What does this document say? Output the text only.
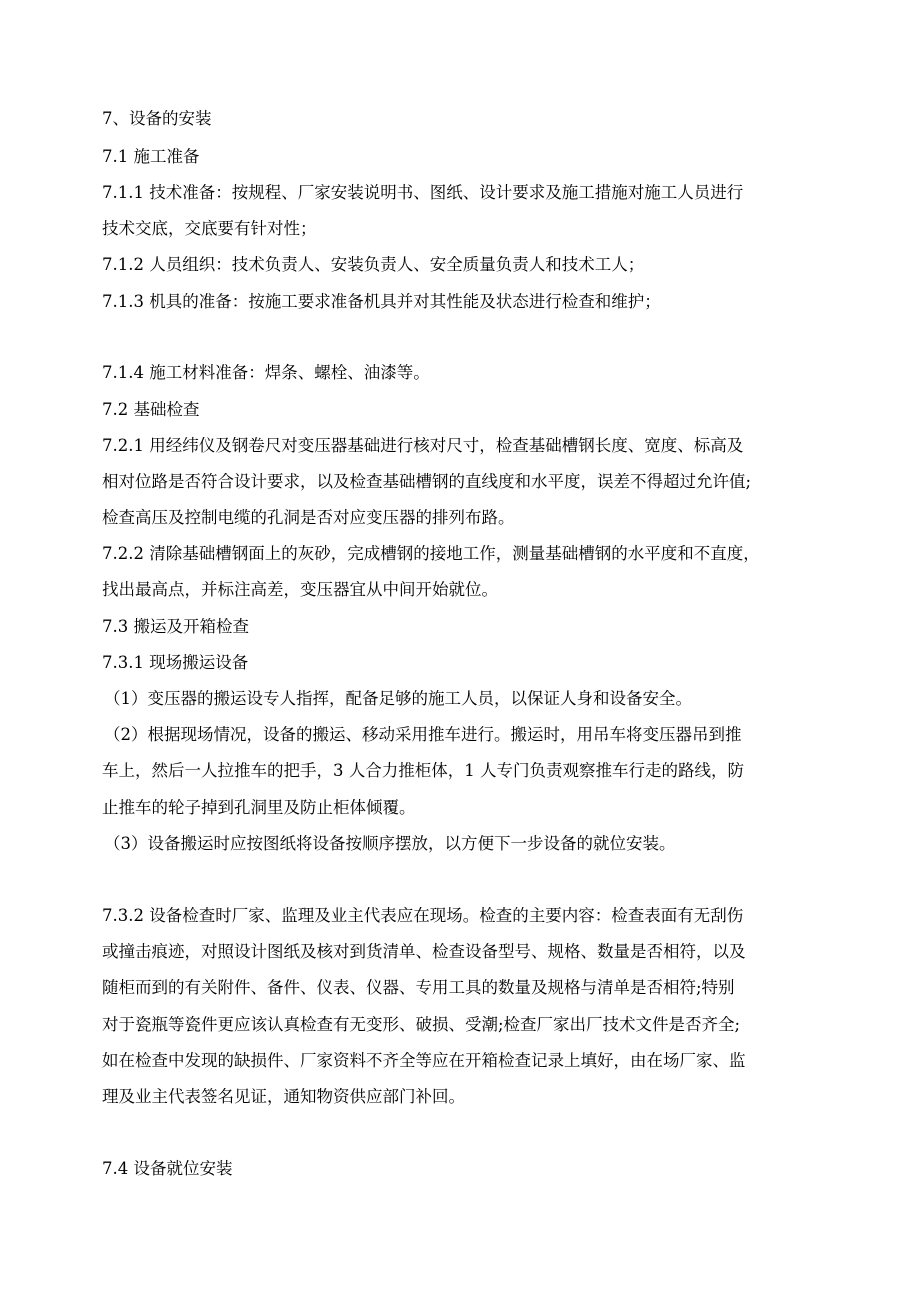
7、设备的安装
7.1 施工准备
7.1.1 技术准备：按规程、厂家安装说明书、图纸、设计要求及施工措施对施工人员进行
技术交底，交底要有针对性；
7.1.2 人员组织：技术负责人、安装负责人、安全质量负责人和技术工人；
7.1.3 机具的准备：按施工要求准备机具并对其性能及状态进行检查和维护；
7.1.4 施工材料准备：焊条、螺栓、油漆等。
7.2 基础检查
7.2.1 用经纬仪及钢卷尺对变压器基础进行核对尺寸，检查基础槽钢长度、宽度、标高及
相对位路是否符合设计要求，以及检查基础槽钢的直线度和水平度，误差不得超过允许值;
检查高压及控制电缆的孔洞是否对应变压器的排列布路。
7.2.2 清除基础槽钢面上的灰砂，完成槽钢的接地工作，测量基础槽钢的水平度和不直度，
找出最高点，并标注高差，变压器宜从中间开始就位。
7.3 搬运及开箱检查
7.3.1 现场搬运设备
（1）变压器的搬运设专人指挥，配备足够的施工人员，以保证人身和设备安全。
（2）根据现场情况，设备的搬运、移动采用推车进行。搬运时，用吊车将变压器吊到推
车上，然后一人拉推车的把手，3 人合力推柜体，1 人专门负责观察推车行走的路线，防
止推车的轮子掉到孔洞里及防止柜体倾覆。
（3）设备搬运时应按图纸将设备按顺序摆放，以方便下一步设备的就位安装。
7.3.2 设备检查时厂家、监理及业主代表应在现场。检查的主要内容：检查表面有无刮伤
或撞击痕迹，对照设计图纸及核对到货清单、检查设备型号、规格、数量是否相符，以及
随柜而到的有关附件、备件、仪表、仪器、专用工具的数量及规格与清单是否相符;特别
对于瓷瓶等瓷件更应该认真检查有无变形、破损、受潮;检查厂家出厂技术文件是否齐全;
如在检查中发现的缺损件、厂家资料不齐全等应在开箱检查记录上填好，由在场厂家、监
理及业主代表签名见证，通知物资供应部门补回。
7.4 设备就位安装
